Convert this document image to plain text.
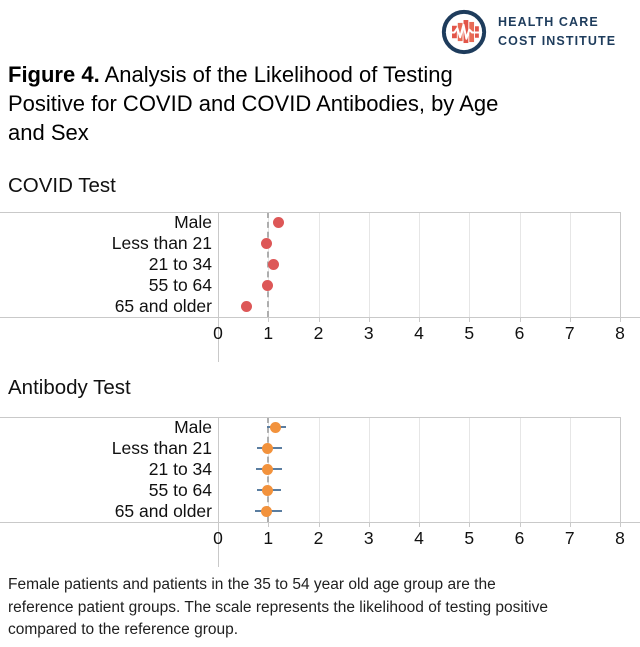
HEALTH CARE
COST INSTITUTE
Figure 4. Analysis of the Likelihood of Testing
Positive for COVID and COVID Antibodies, by Age
and Sex
COVID Test
0	1	2	3	4	5	6	7	8
Male
Less than 21
21 to 34
55 to 64
65 and older
Antibody Test
0	1	2	3	4	5	6	7	8
Male
Less than 21
21 to 34
55 to 64
65 and older
Female patients and patients in the 35 to 54 year old age group are the
reference patient groups. The scale represents the likelihood of testing positive
compared to the reference group.
